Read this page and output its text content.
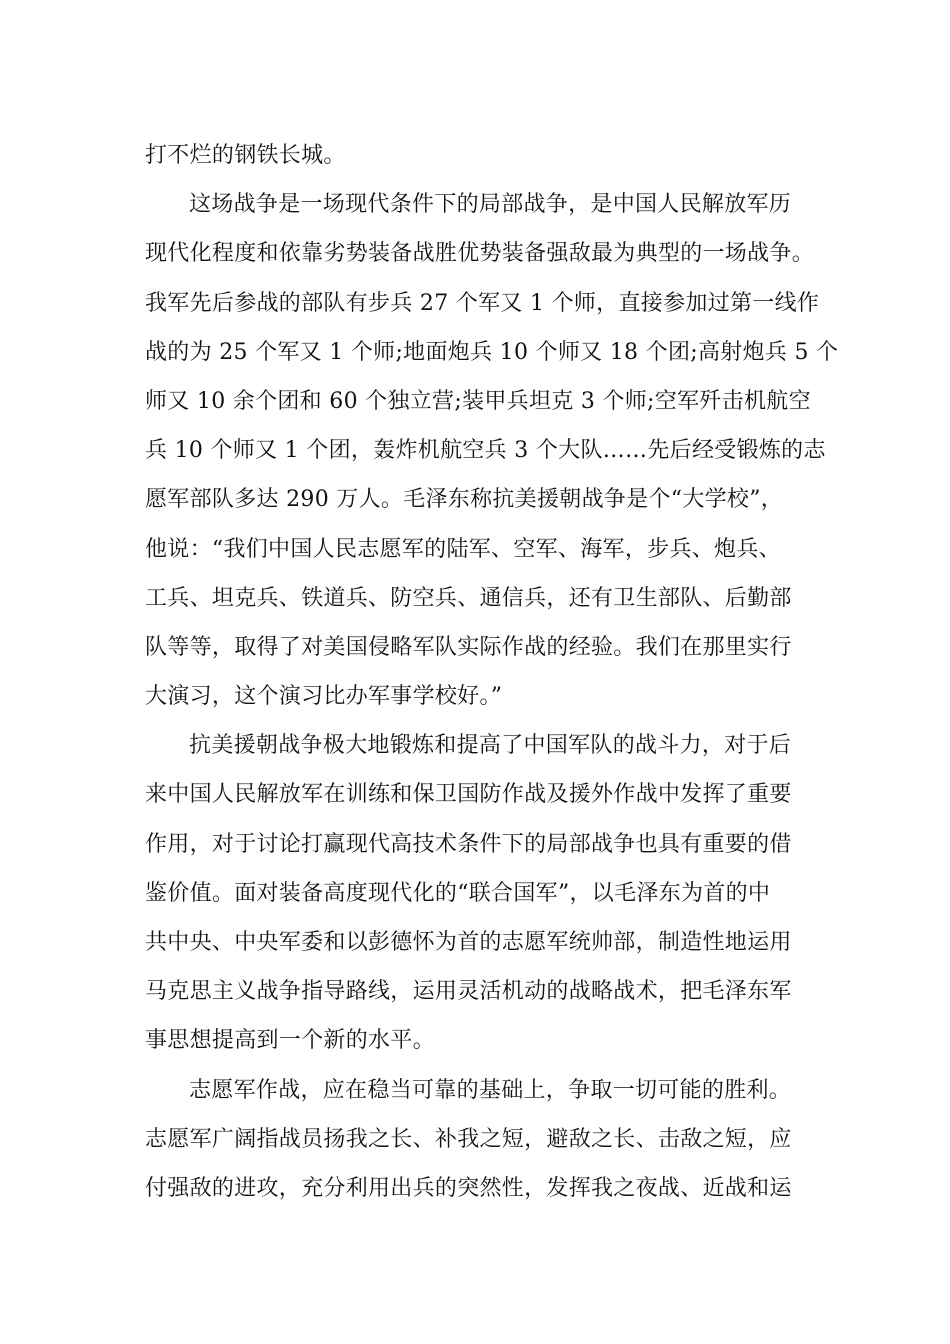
打不烂的钢铁长城。
这场战争是一场现代条件下的局部战争，是中国人民解放军历
现代化程度和依靠劣势装备战胜优势装备强敌最为典型的一场战争。
我军先后参战的部队有步兵 27 个军又 1 个师，直接参加过第一线作
战的为 25 个军又 1 个师;地面炮兵 10 个师又 18 个团;高射炮兵 5 个
师又 10 余个团和 60 个独立营;装甲兵坦克 3 个师;空军歼击机航空
兵 10 个师又 1 个团，轰炸机航空兵 3 个大队……先后经受锻炼的志
愿军部队多达 290 万人。毛泽东称抗美援朝战争是个“大学校”，
他说：“我们中国人民志愿军的陆军、空军、海军，步兵、炮兵、
工兵、坦克兵、铁道兵、防空兵、通信兵，还有卫生部队、后勤部
队等等，取得了对美国侵略军队实际作战的经验。我们在那里实行
大演习，这个演习比办军事学校好。”
抗美援朝战争极大地锻炼和提高了中国军队的战斗力，对于后
来中国人民解放军在训练和保卫国防作战及援外作战中发挥了重要
作用，对于讨论打赢现代高技术条件下的局部战争也具有重要的借
鉴价值。面对装备高度现代化的“联合国军”，以毛泽东为首的中
共中央、中央军委和以彭德怀为首的志愿军统帅部，制造性地运用
马克思主义战争指导路线，运用灵活机动的战略战术，把毛泽东军
事思想提高到一个新的水平。
志愿军作战，应在稳当可靠的基础上，争取一切可能的胜利。
志愿军广阔指战员扬我之长、补我之短，避敌之长、击敌之短，应
付强敌的进攻，充分利用出兵的突然性，发挥我之夜战、近战和运
